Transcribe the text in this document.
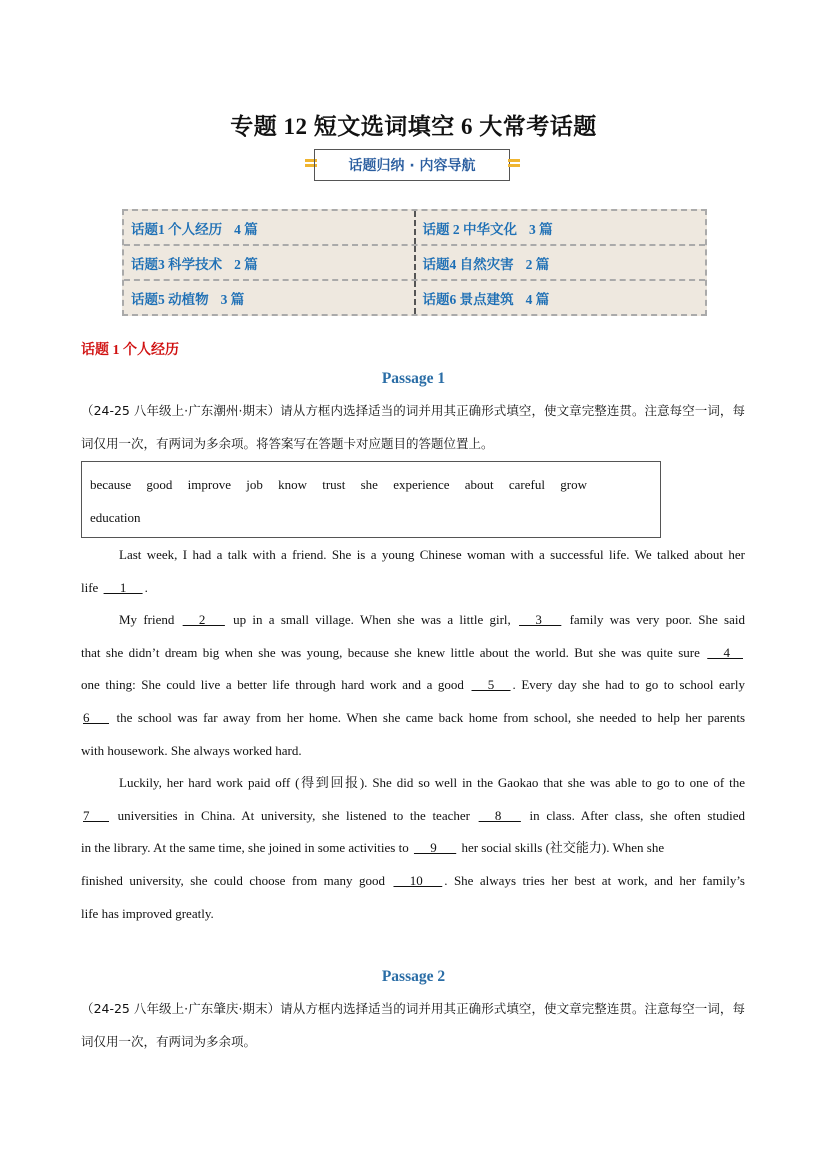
专题 12 短文选词填空 6 大常考话题
话题归纳 · 内容导航
话题1 个人经历 4 篇	话题 2 中华文化 3 篇
话题3 科学技术 2 篇	话题4 自然灾害 2 篇
话题5 动植物 3 篇	话题6 景点建筑 4 篇
话题 1 个人经历
Passage 1
（24-25 八年级上·广东潮州·期末）请从方框内选择适当的词并用其正确形式填空，使文章完整连贯。注意每空一词，每词仅用一次，有两词为多余项。将答案写在答题卡对应题目的答题位置上。
because good improve job know trust she experience about careful grow education
Last week, I had a talk with a friend. She is a young Chinese woman with a successful life. We talked about her
life      1     .
My friend      2       up in a small village. When she was a little girl,      3       family was very poor. She said
that she didn’t dream big when she was young, because she knew little about the world. But she was quite sure      4
one thing: She could live a better life through hard work and a good      5     . Every day she had to go to school early
6       the school was far away from her home. When she came back home from school, she needed to help her parents
with housework. She always worked hard.
Luckily, her hard work paid off (得到回报). She did so well in the Gaokao that she was able to go to one of the
7       universities in China. At university, she listened to the teacher      8       in class. After class, she often studied
in the library. At the same time, she joined in some activities to      9       her social skills (社交能力). When she
finished university, she could choose from many good      10      . She always tries her best at work, and her family’s
life has improved greatly.
Passage 2
（24-25 八年级上·广东肇庆·期末）请从方框内选择适当的词并用其正确形式填空，使文章完整连贯。注意每空一词，每词仅用一次，有两词为多余项。
